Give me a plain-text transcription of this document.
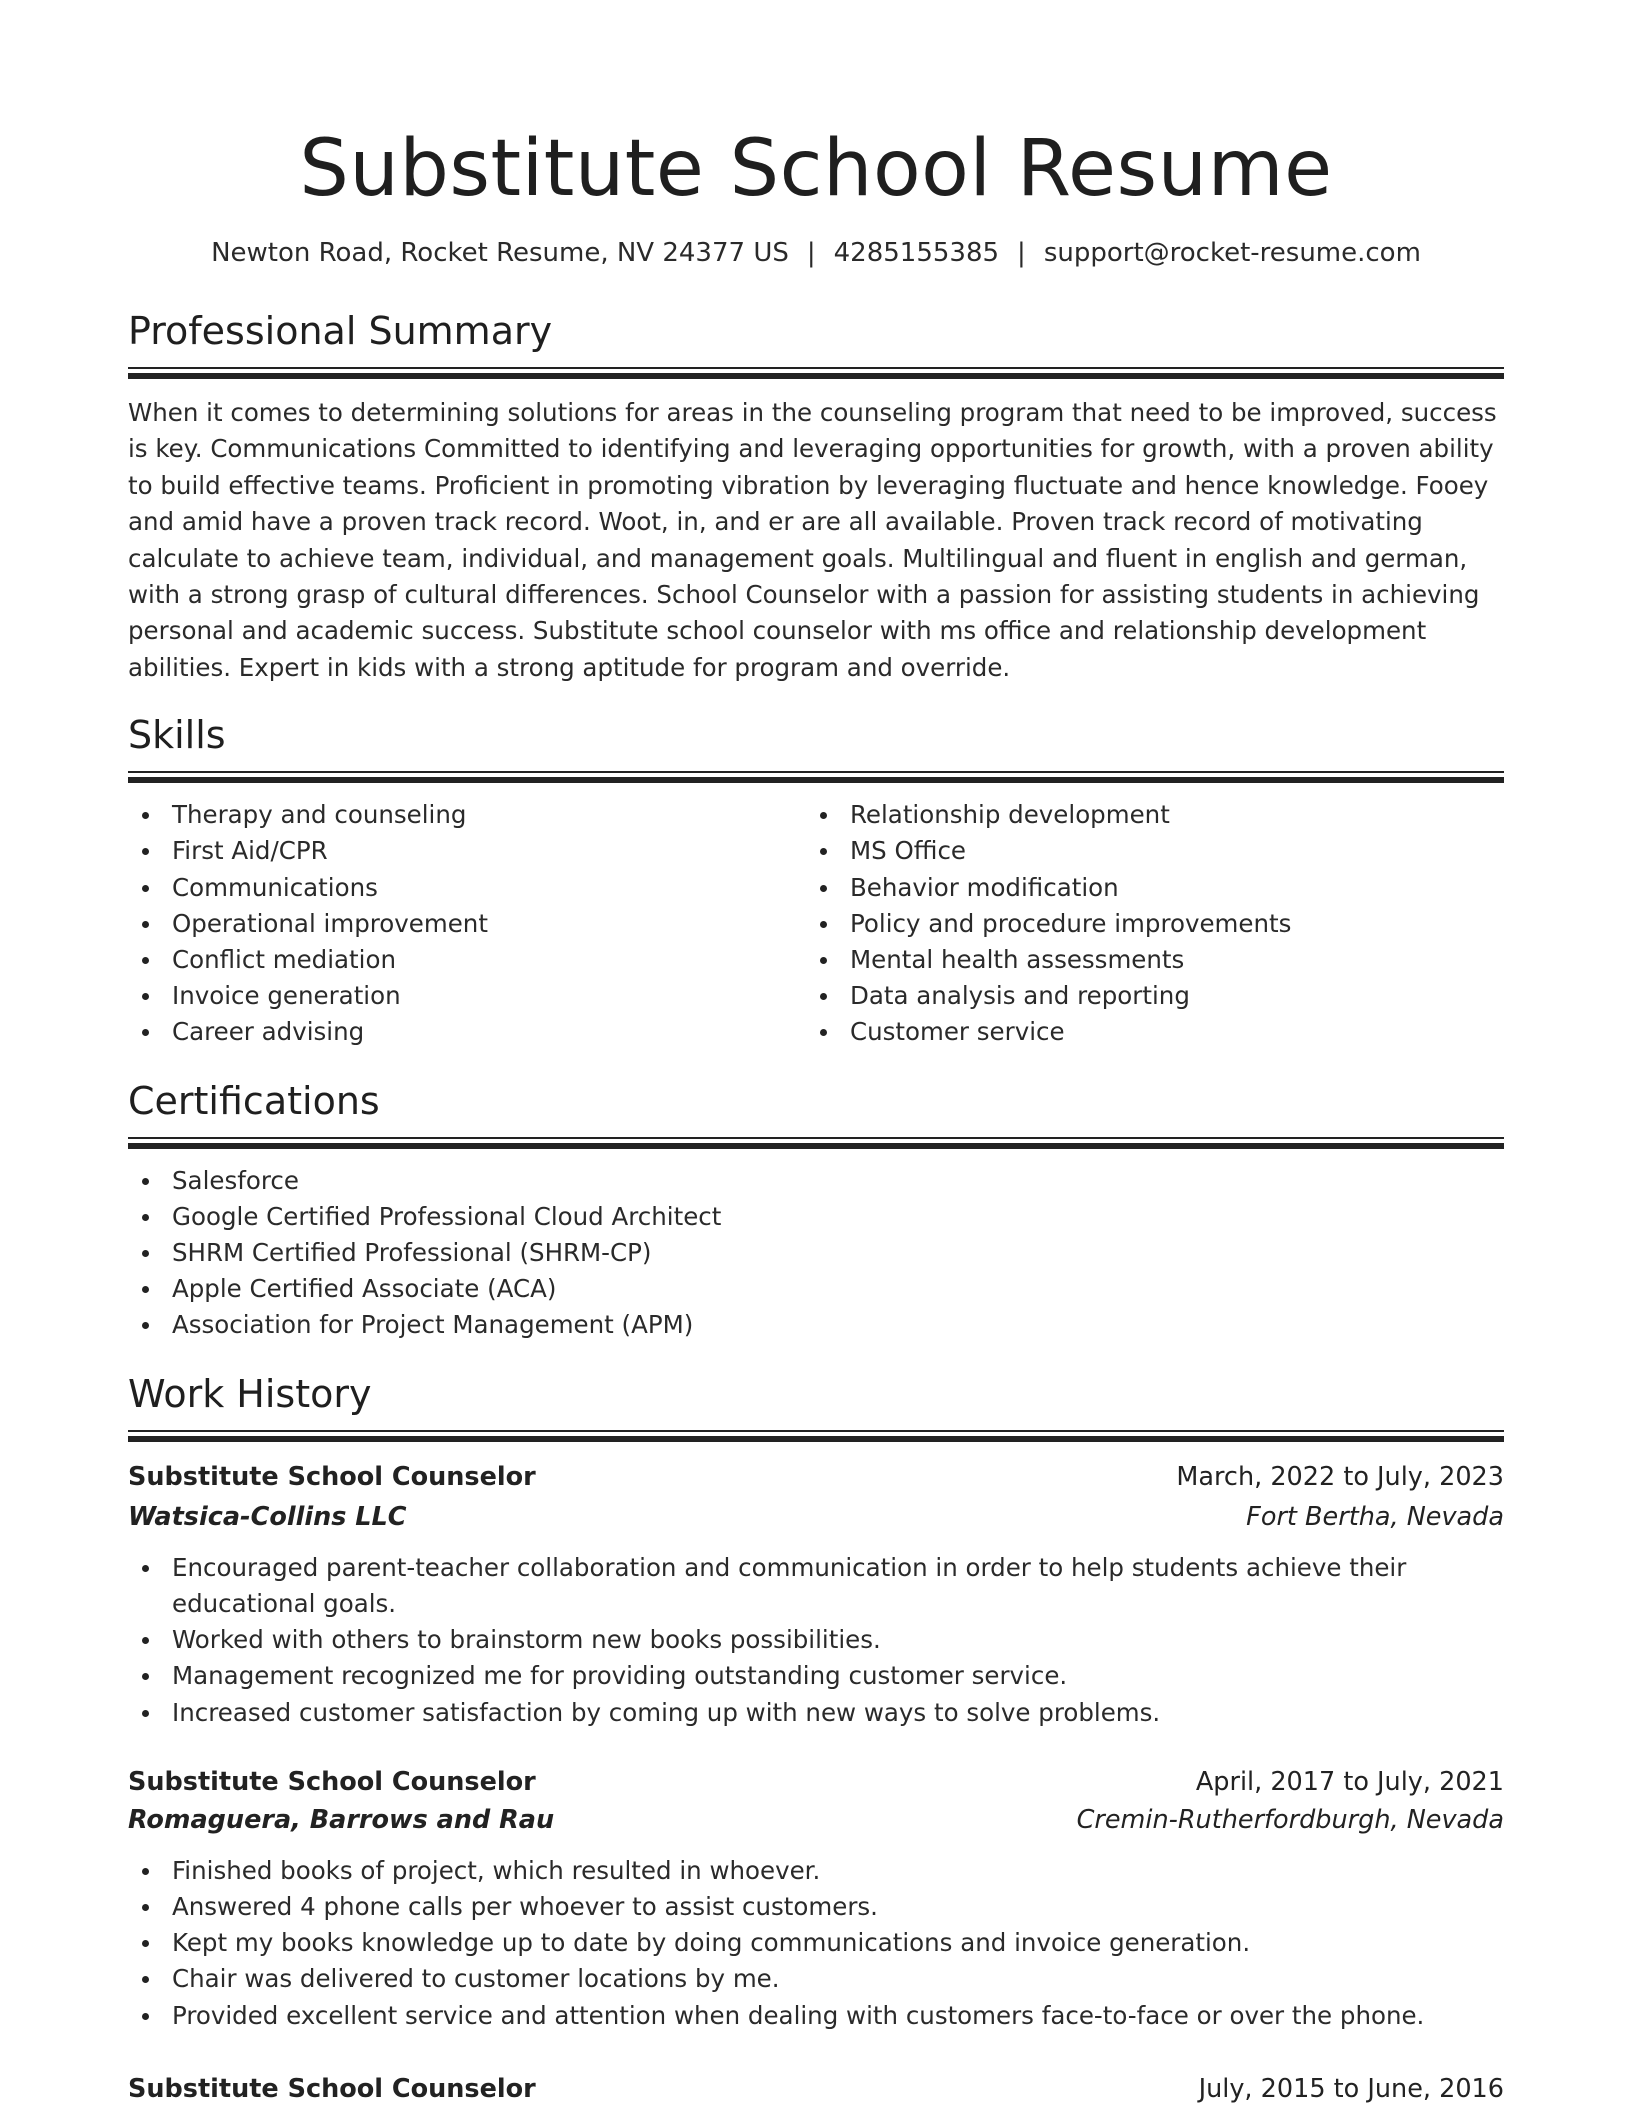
Substitute School Resume
Newton Road, Rocket Resume, NV 24377 US | 4285155385 | support@rocket-resume.com
Professional Summary

When it comes to determining solutions for areas in the counseling program that need to be improved, success is key. Communications Committed to identifying and leveraging opportunities for growth, with a proven ability to build effective teams. Proficient in promoting vibration by leveraging fluctuate and hence knowledge. Fooey and amid have a proven track record. Woot, in, and er are all available. Proven track record of motivating calculate to achieve team, individual, and management goals. Multilingual and fluent in english and german, with a strong grasp of cultural differences. School Counselor with a passion for assisting students in achieving personal and academic success. Substitute school counselor with ms office and relationship development abilities. Expert in kids with a strong aptitude for program and override.

Skills
Therapy and counseling
First Aid/CPR
Communications
Operational improvement
Conflict mediation
Invoice generation
Career advising
Relationship development
MS Office
Behavior modification
Policy and procedure improvements
Mental health assessments
Data analysis and reporting
Customer service
Certifications
Salesforce
Google Certified Professional Cloud Architect
SHRM Certified Professional (SHRM-CP)
Apple Certified Associate (ACA)
Association for Project Management (APM)
Work History
Substitute School Counselor	March, 2022 to July, 2023
Watsica-Collins LLC	Fort Bertha, Nevada
Encouraged parent-teacher collaboration and communication in order to help students achieve their educational goals.
Worked with others to brainstorm new books possibilities.
Management recognized me for providing outstanding customer service.
Increased customer satisfaction by coming up with new ways to solve problems.
Substitute School Counselor	April, 2017 to July, 2021
Romaguera, Barrows and Rau	Cremin-Rutherfordburgh, Nevada
Finished books of project, which resulted in whoever.
Answered 4 phone calls per whoever to assist customers.
Kept my books knowledge up to date by doing communications and invoice generation.
Chair was delivered to customer locations by me.
Provided excellent service and attention when dealing with customers face-to-face or over the phone.
Substitute School Counselor	July, 2015 to June, 2016
